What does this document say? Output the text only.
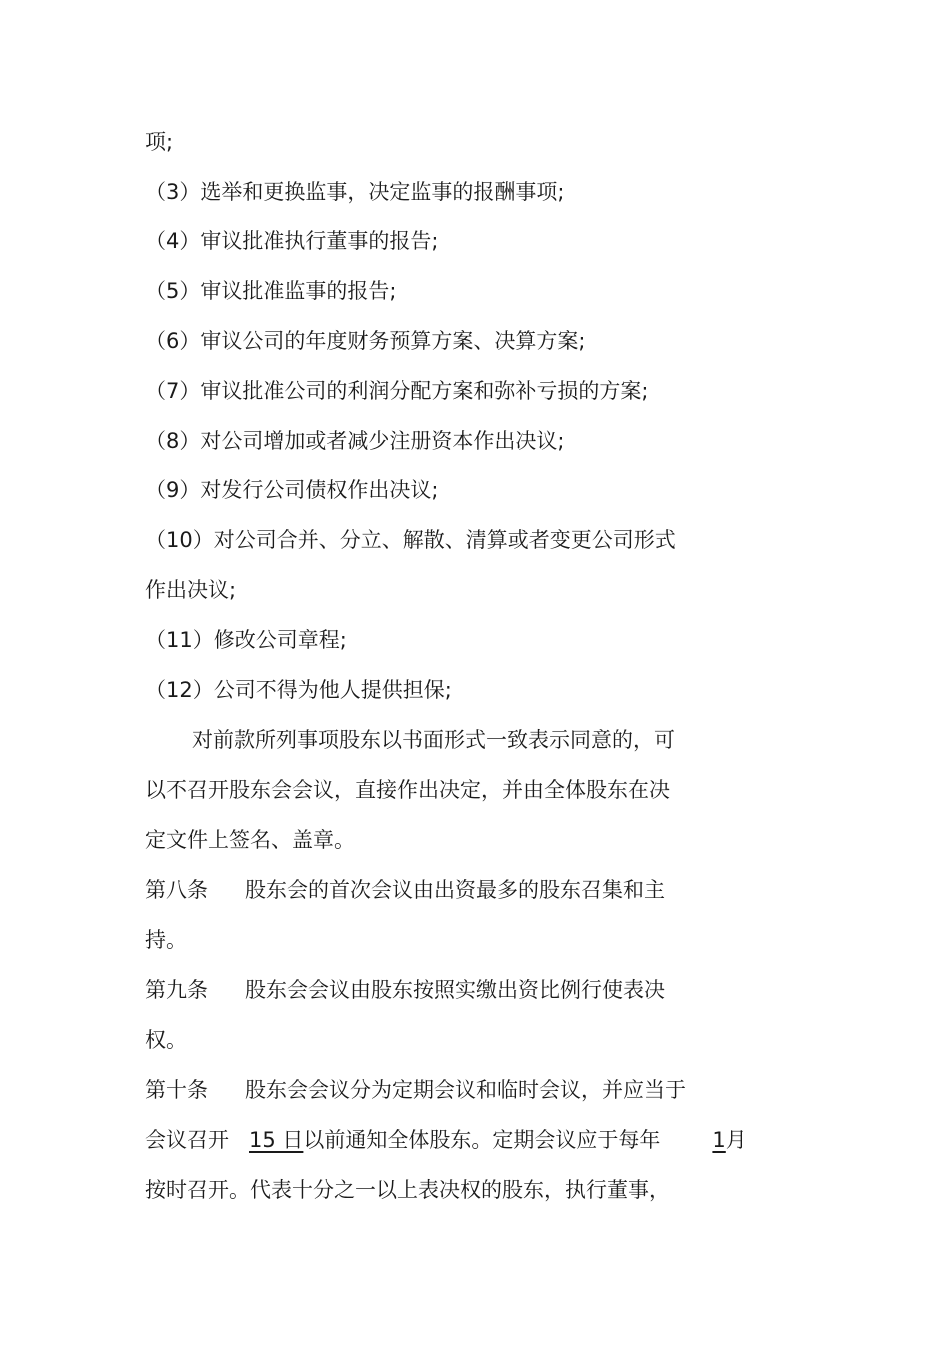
项;
（3）选举和更换监事，决定监事的报酬事项;
（4）审议批准执行董事的报告;
（5）审议批准监事的报告;
（6）审议公司的年度财务预算方案、决算方案;
（7）审议批准公司的利润分配方案和弥补亏损的方案;
（8）对公司增加或者减少注册资本作出决议;
（9）对发行公司债权作出决议;
（10）对公司合并、分立、解散、清算或者变更公司形式
作出决议;
（11）修改公司章程;
（12）公司不得为他人提供担保;
对前款所列事项股东以书面形式一致表示同意的，可
以不召开股东会会议，直接作出决定，并由全体股东在决
定文件上签名、盖章。
第八条 股东会的首次会议由出资最多的股东召集和主
持。
第九条 股东会会议由股东按照实缴出资比例行使表决
权。
第十条 股东会会议分为定期会议和临时会议，并应当于
会议召开 15 日以前通知全体股东。定期会议应于每年 1月
按时召开。代表十分之一以上表决权的股东，执行董事，
